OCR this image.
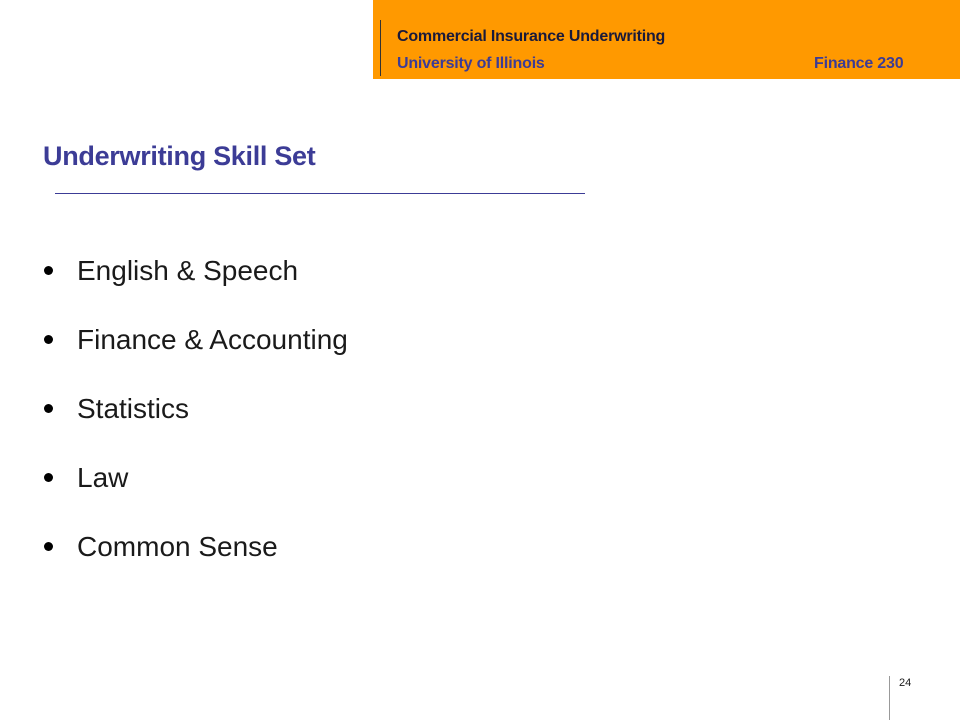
Commercial Insurance Underwriting
University of Illinois	Finance 230
Underwriting Skill Set
English & Speech
Finance & Accounting
Statistics
Law
Common Sense
24
